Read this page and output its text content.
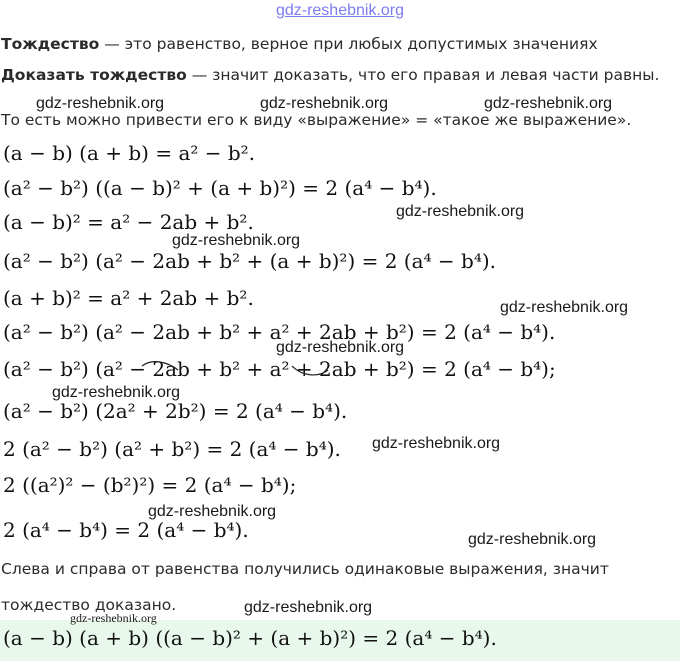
gdz-reshebnik.org
Тождество — это равенство, верное при любых допустимых значениях
Доказать тождество — значит доказать, что его правая и левая части равны.
То есть можно привести его к виду «выражение» = «такое же выражение».
(a − b) (a + b) = a² − b².
(a² − b²) ((a − b)² + (a + b)²) = 2 (a⁴ − b⁴).
(a − b)² = a² − 2ab + b².
(a² − b²) (a² − 2ab + b² + (a + b)²) = 2 (a⁴ − b⁴).
(a + b)² = a² + 2ab + b².
(a² − b²) (a² − 2ab + b² + a² + 2ab + b²) = 2 (a⁴ − b⁴).
(a² − b²) (a² − 2ab + b² + a² + 2ab + b²) = 2 (a⁴ − b⁴);
(a² − b²) (2a² + 2b²) = 2 (a⁴ − b⁴).
2 (a² − b²) (a² + b²) = 2 (a⁴ − b⁴).
2 ((a²)² − (b²)²) = 2 (a⁴ − b⁴);
2 (a⁴ − b⁴) = 2 (a⁴ − b⁴).
Слева и справа от равенства получились одинаковые выражения, значит
тождество доказано.
(a − b) (a + b) ((a − b)² + (a + b)²) = 2 (a⁴ − b⁴).
gdz-reshebnik.org	gdz-reshebnik.org	gdz-reshebnik.org
gdz-reshebnik.org
gdz-reshebnik.org
gdz-reshebnik.org
gdz-reshebnik.org
gdz-reshebnik.org
gdz-reshebnik.org
gdz-reshebnik.org
gdz-reshebnik.org
gdz-reshebnik.org
gdz-reshebnik.org
